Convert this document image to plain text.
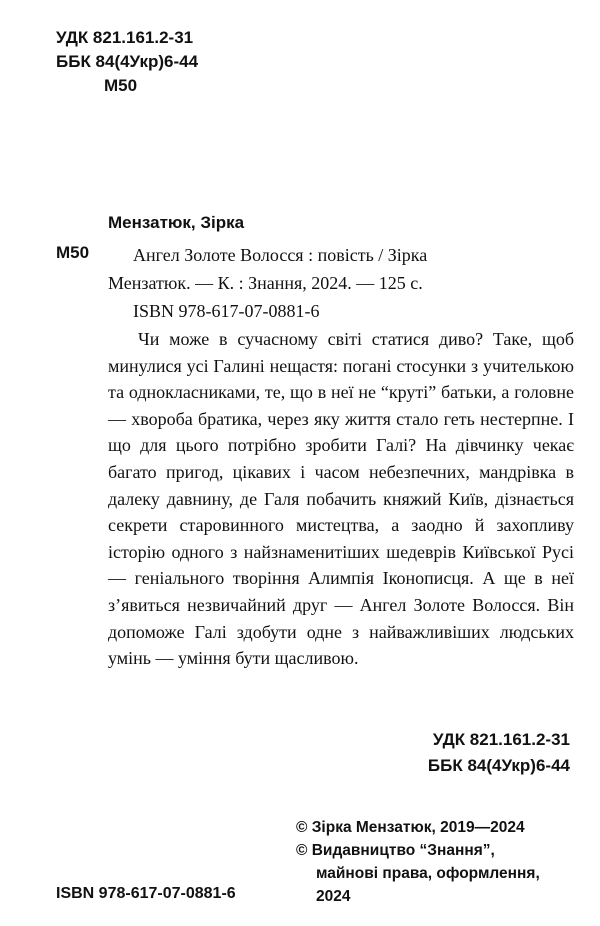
УДК 821.161.2-31
ББК 84(4Укр)6-44
М50
Мензатюк, Зірка
М50 Ангел Золоте Волосся : повість / Зірка
Мензатюк. — К. : Знання, 2024. — 125 с.
ISBN 978-617-07-0881-6

Чи може в сучасному світі статися диво? Таке, щоб минулися усі Галині нещастя: погані стосунки з учителькою та однокласниками, те, що в неї не “круті” батьки, а головне — хвороба братика, через яку життя стало геть нестерпне. І що для цього потрібно зробити Галі? На дівчинку чекає багато пригод, цікавих і часом небезпечних, мандрівка в далеку давнину, де Галя побачить княжий Київ, дізнається секрети старовинного мистецтва, а заодно й захопливу історію одного з найзнаменитіших шедеврів Київської Русі — геніального творіння Алимпія Іконописця. А ще в неї з’явиться незвичайний друг — Ангел Золоте Волосся. Він допоможе Галі здобути одне з найважливіших людських умінь — уміння бути щасливою.

УДК 821.161.2-31
ББК 84(4Укр)6-44
© Зірка Мензатюк, 2019—2024
© Видавництво “Знання”,
майнові права, оформлення,
2024
ISBN 978-617-07-0881-6
